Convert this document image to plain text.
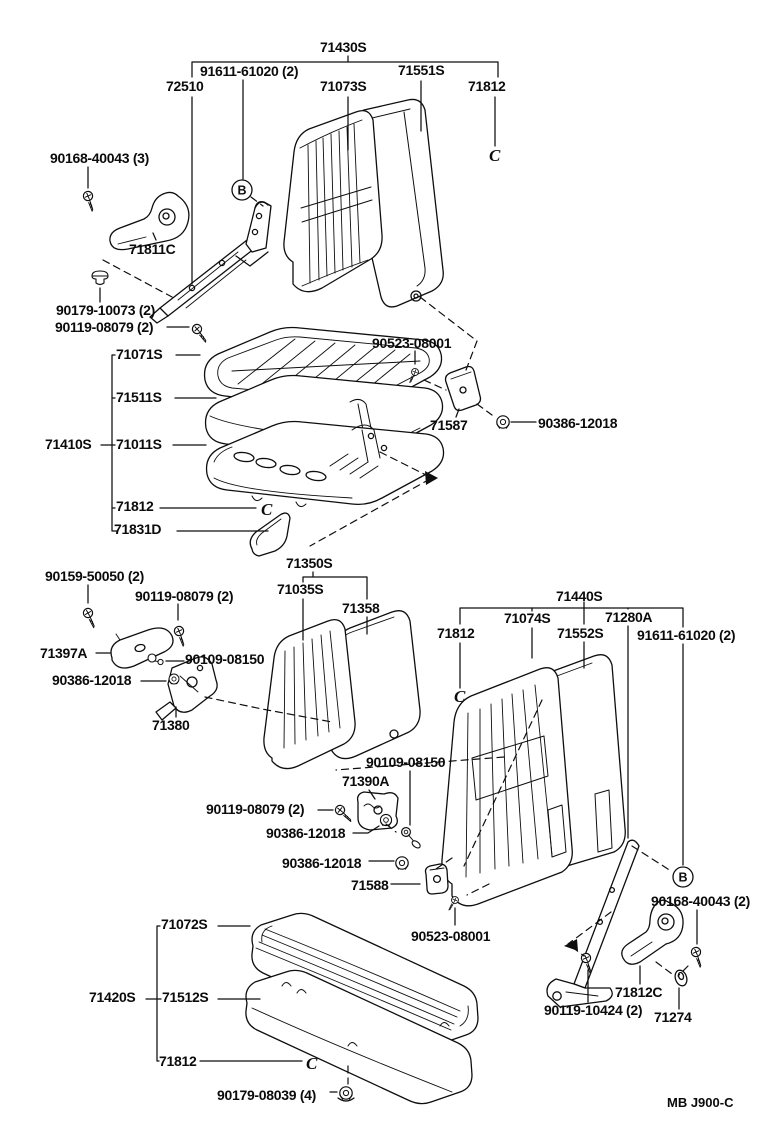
C
C
C
C
B
B
71430S
91611-61020 (2)
72510	71073S
71551S
71812
90168-40043 (3)
71811C
90179-10073 (2)
90119-08079 (2)
71071S
71511S
71410S 71011S
71812
71831D
90523-08001
71587	90386-12018
90159-50050 (2)
90119-08079 (2)
71397A	90109-08150
90386-12018
71380
71350S
71035S
71358
71440S
71812
71074S
71552S
71280A
91611-61020 (2)
90109-08150
71390A
90119-08079 (2)
90386-12018
90386-12018
71588
90523-08001
71072S
71420S 71512S
71812
90179-08039 (4)
90168-40043 (2)
71812C
90119-10424 (2) 71274
MB J900-C
